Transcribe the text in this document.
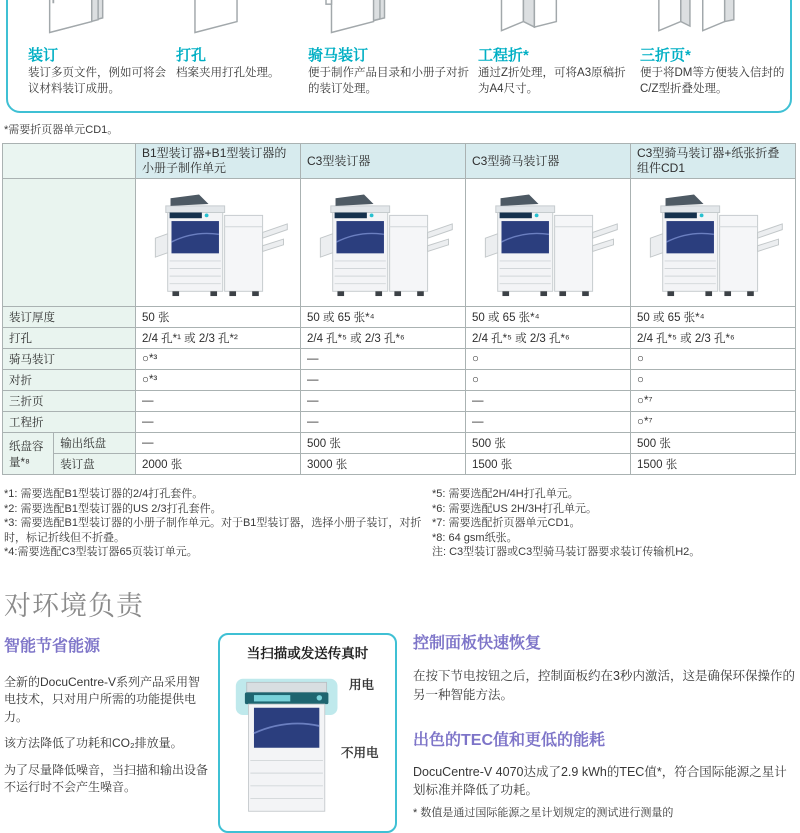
装订
装订多页文件，例如可将会议材料装订成册。
打孔
档案夹用打孔处理。
骑马装订
便于制作产品目录和小册子对折的装订处理。
工程折*
通过Z折处理，可将A3原稿折为A4尺寸。
三折页*
便于将DM等方便装入信封的C/Z型折叠处理。
*需要折页器单元CD1。
		B1型装订器+B1型装订器的小册子制作单元	C3型装订器	C3型骑马装订器	C3型骑马装订器+纸张折叠组件CD1

装订厚度		50 张	50 或 65 张*⁴	50 或 65 张*⁴	50 或 65 张*⁴
打孔		2/4 孔*¹ 或 2/3 孔*²	2/4 孔*⁵ 或 2/3 孔*⁶	2/4 孔*⁵ 或 2/3 孔*⁶	2/4 孔*⁵ 或 2/3 孔*⁶
骑马装订		○*³	—	○	○
对折		○*³	—	○	○
三折页		—	—	—	○*⁷
工程折		—	—	—	○*⁷
纸盘容量*⁸	输出纸盘	—	500 张	500 张	500 张
	装订盘	2000 张	3000 张	1500 张	1500 张

*1: 需要选配B1型装订器的2/4打孔套件。

*2: 需要选配B1型装订器的US 2/3打孔套件。

*3: 需要选配B1型装订器的小册子制作单元。对于B1型装订器，选择小册子装订，对折时，标记折线但不折叠。

*4:需要选配C3型装订器65页装订单元。

*5: 需要选配2H/4H打孔单元。

*6: 需要选配US 2H/3H打孔单元。

*7: 需要选配折页器单元CD1。

*8: 64 gsm纸张。

注: C3型装订器或C3型骑马装订器要求装订传输机H2。

对环境负责
智能节省能源

全新的DocuCentre-V系列产品采用智电技术，只对用户所需的功能提供电力。

该方法降低了功耗和CO₂排放量。

为了尽量降低噪音，当扫描和输出设备不运行时不会产生噪音。

当扫描或发送传真时
用电
不用电
控制面板快速恢复

在按下节电按钮之后，控制面板约在3秒内激活，这是确保环保操作的另一种智能方法。

出色的TEC值和更低的能耗

DocuCentre-V 4070达成了2.9 kWh的TEC值*，符合国际能源之星计划标准并降低了功耗。

* 数值是通过国际能源之星计划规定的测试进行测量的
